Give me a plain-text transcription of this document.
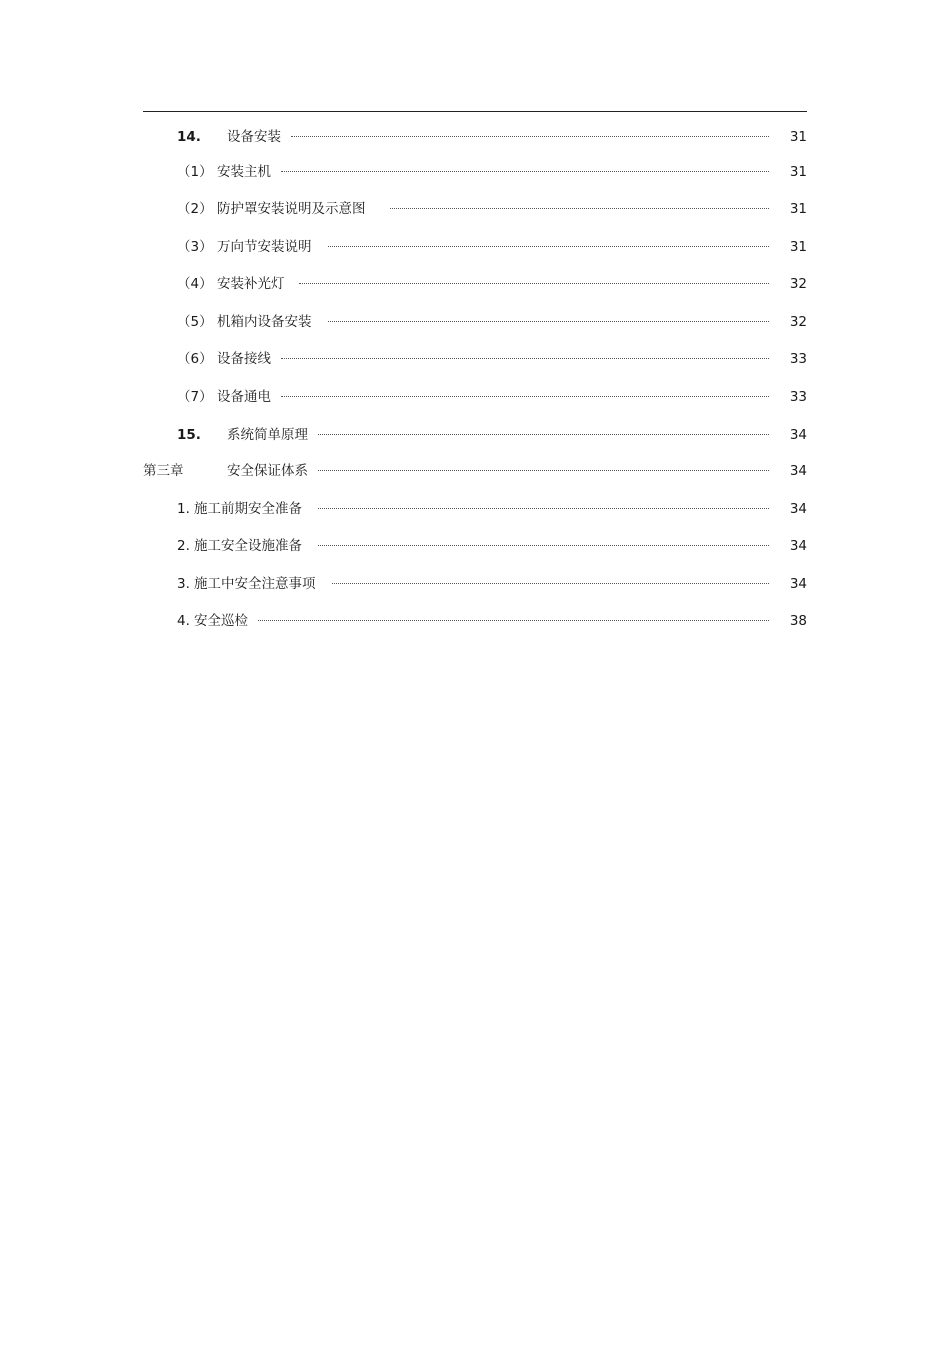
14.	设备安装	31
（1） 安装主机	31
（2） 防护罩安装说明及示意图	31
（3） 万向节安装说明	31
（4） 安装补光灯	32
（5） 机箱内设备安装	32
（6） 设备接线	33
（7） 设备通电	33
15.	系统简单原理	34
第三章	安全保证体系	34
1. 施工前期安全准备	34
2. 施工安全设施准备	34
3. 施工中安全注意事项	34
4. 安全巡检	38
